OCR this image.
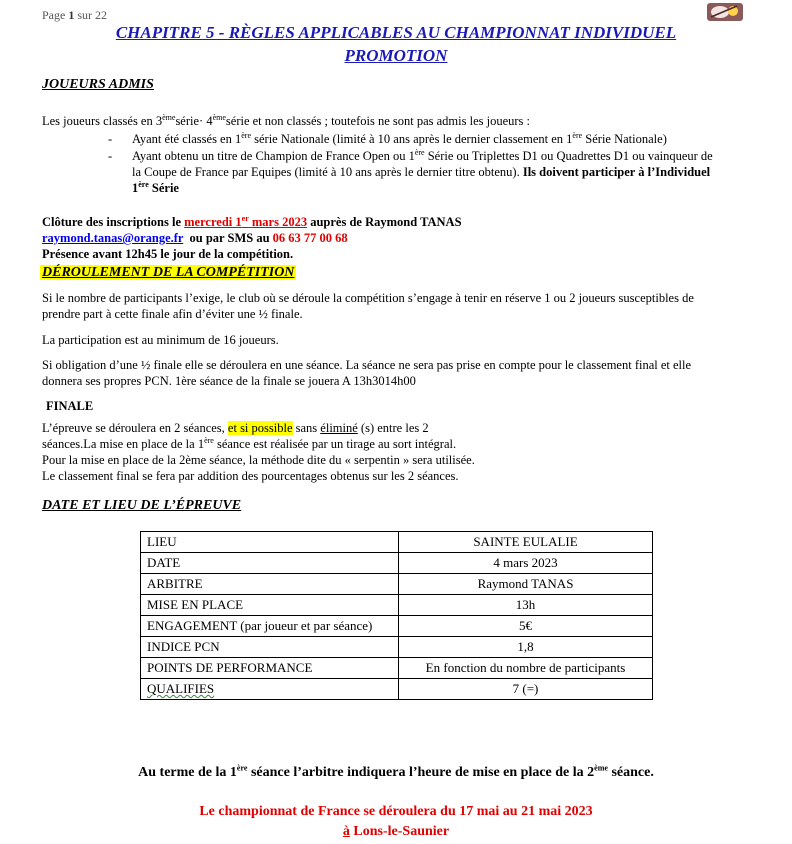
Page 1 sur 22
CHAPITRE 5 - RÈGLES APPLICABLES AU CHAMPIONNAT INDIVIDUEL
PROMOTION
JOUEURS ADMIS
Les joueurs classés en 3èmesérie· 4èmesérie et non classés ; toutefois ne sont pas admis les joueurs :
- Ayant été classés en 1ère série Nationale (limité à 10 ans après le dernier classement en 1ère Série Nationale)
- Ayant obtenu un titre de Champion de France Open ou 1ère Série ou Triplettes D1 ou Quadrettes D1 ou vainqueur de
la Coupe de France par Equipes (limité à 10 ans après le dernier titre obtenu). Ils doivent participer à l’Individuel
1ère Série
Clôture des inscriptions le mercredi 1er mars 2023 auprès de Raymond TANAS
raymond.tanas@orange.fr ou par SMS au 06 63 77 00 68
Présence avant 12h45 le jour de la compétition.
DÉROULEMENT DE LA COMPÉTITION
Si le nombre de participants l’exige, le club où se déroule la compétition s’engage à tenir en réserve 1 ou 2 joueurs susceptibles de
prendre part à cette finale afin d’éviter une ½ finale.
La participation est au minimum de 16 joueurs.
Si obligation d’une ½ finale elle se déroulera en une séance. La séance ne sera pas prise en compte pour le classement final et elle
donnera ses propres PCN. 1ère séance de la finale se jouera A 13h3014h00
FINALE
L’épreuve se déroulera en 2 séances, et si possible sans éliminé (s) entre les 2
séances.La mise en place de la 1ère séance est réalisée par un tirage au sort intégral.
Pour la mise en place de la 2ème séance, la méthode dite du « serpentin » sera utilisée.
Le classement final se fera par addition des pourcentages obtenus sur les 2 séances.
DATE ET LIEU DE L’ÉPREUVE
LIEU	SAINTE EULALIE
DATE	4 mars 2023
ARBITRE	Raymond TANAS
MISE EN PLACE	13h
ENGAGEMENT (par joueur et par séance)	5€
INDICE PCN	1,8
POINTS DE PERFORMANCE	En fonction du nombre de participants
QUALIFIES	7 (=)
Au terme de la 1ère séance l’arbitre indiquera l’heure de mise en place de la 2ème séance.
Le championnat de France se déroulera du 17 mai au 21 mai 2023
à Lons-le-Saunier
